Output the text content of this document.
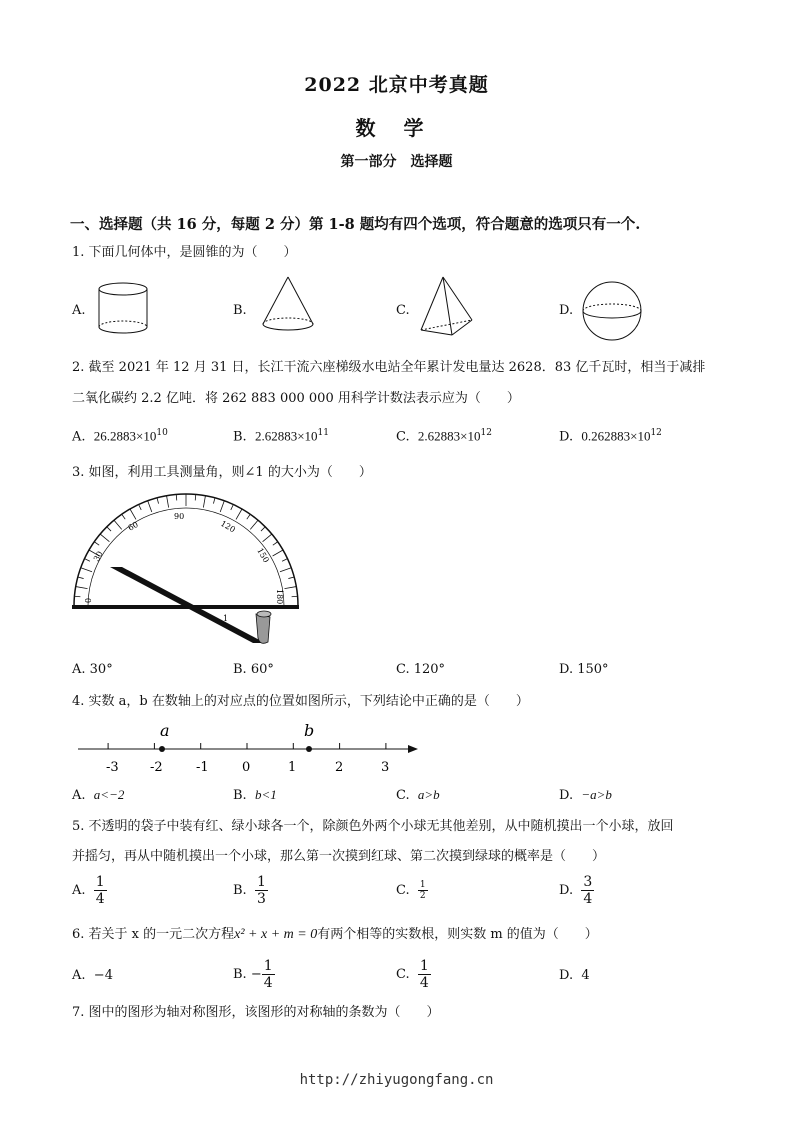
2022 北京中考真题
数学
第一部分　选择题
一、选择题（共 16 分，每题 2 分）第 1-8 题均有四个选项，符合题意的选项只有一个.
1. 下面几何体中，是圆锥的为（　　）
A.	B.	C.	D.
2. 截至 2021 年 12 月 31 日，长江干流六座梯级水电站全年累计发电量达 2628．83 亿千瓦时，相当于减排
二氧化碳约 2.2 亿吨．将 262 883 000 000 用科学计数法表示应为（　　）
A. $26.2883\times 10^{10}$	B. $2.62883\times 10^{11}$	C. $2.62883\times 10^{12}$	D. $0.262883\times 10^{12}$
3. 如图，利用工具测量角，则∠1 的大小为（　　）
0
30
60
90
120
150
180
1
A. 30°	B. 60°	C. 120°	D. 150°
4. 实数 a，b 在数轴上的对应点的位置如图所示，下列结论中正确的是（　　）
-3 -2	-1	0	1	2	3
a	b
A. a<−2	B. b<1	C. a>b	D. −a>b
5. 不透明的袋子中装有红、绿小球各一个，除颜色外两个小球无其他差别，从中随机摸出一个小球，放回
并摇匀，再从中随机摸出一个小球，那么第一次摸到红球、第二次摸到绿球的概率是（　　）
A. $\frac{1}{4}$	B. $\frac{1}{3}$	C. $\frac{1}{2}$	D. $\frac{3}{4}$
6. 若关于 x 的一元二次方程x² + x + m = 0有两个相等的实数根，则实数 m 的值为（　　）
A. −4	B. − $\frac{1}{4}$	C. $\frac{1}{4}$	D. 4
7. 图中的图形为轴对称图形，该图形的对称轴的条数为（　　）
http://zhiyugongfang.cn
